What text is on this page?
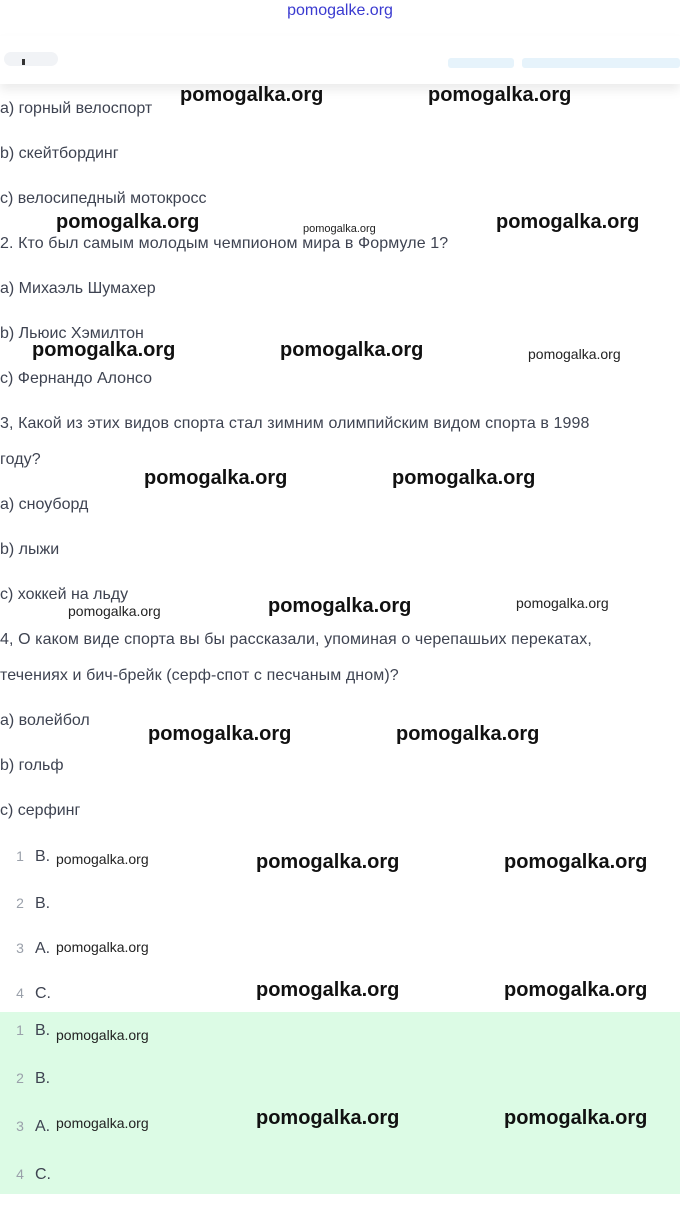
pomogalke.org
a) горный велоспорт
b) скейтбординг
c) велосипедный мотокросс
2. Кто был самым молодым чемпионом мира в Формуле 1?
a) Михаэль Шумахер
b) Льюис Хэмилтон
c) Фернандо Алонсо
3, Какой из этих видов спорта стал зимним олимпийским видом спорта в 1998
году?
a) сноуборд
b) лыжи
c) хоккей на льду
4, О каком виде спорта вы бы рассказали, упоминая о черепашьих перекатах,
течениях и бич-брейк (серф-спот с песчаным дном)?
a) волейбол
b) гольф
c) серфинг
1 B.
2 B.
3 A.
4 C.
1 B.
2 B.
3 A.
4 C.
pomogalka.org	pomogalka.org
pomogalka.org	pomogalka.org	pomogalka.org
pomogalka.org	pomogalka.org	pomogalka.org
pomogalka.org	pomogalka.org
pomogalka.org	pomogalka.org	pomogalka.org
pomogalka.org	pomogalka.org
pomogalka.org	pomogalka.org	pomogalka.org
pomogalka.org
pomogalka.org	pomogalka.org
pomogalka.org
pomogalka.org	pomogalka.org	pomogalka.org
